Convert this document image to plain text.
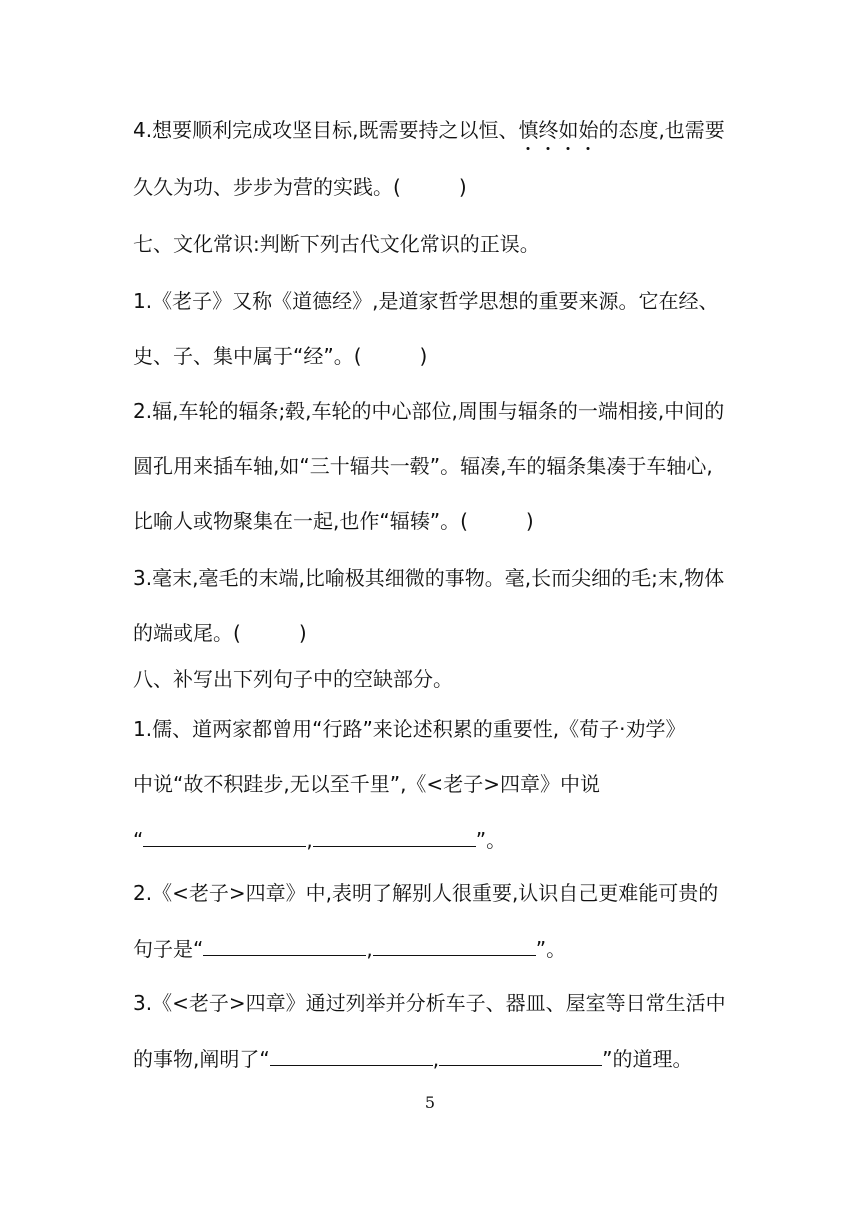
4.想要顺利完成攻坚目标,既需要持之以恒、慎终如始的态度,也需要
久久为功、步步为营的实践。(	)
七、文化常识:判断下列古代文化常识的正误。
1.《老子》又称《道德经》,是道家哲学思想的重要来源。它在经、
史、子、集中属于“经”。(	)
2.辐,车轮的辐条;毂,车轮的中心部位,周围与辐条的一端相接,中间的
圆孔用来插车轴,如“三十辐共一毂”。辐凑,车的辐条集凑于车轴心,
比喻人或物聚集在一起,也作“辐辏”。(	)
3.毫末,毫毛的末端,比喻极其细微的事物。毫,长而尖细的毛;末,物体
的端或尾。(	)
八、补写出下列句子中的空缺部分。
1.儒、道两家都曾用“行路”来论述积累的重要性,《荀子·劝学》
中说“故不积跬步,无以至千里”,《<老子>四章》中说
“	,	”。
2.《<老子>四章》中,表明了解别人很重要,认识自己更难能可贵的
句子是“	,	”。
3.《<老子>四章》通过列举并分析车子、器皿、屋室等日常生活中
的事物,阐明了“	,	”的道理。
5
